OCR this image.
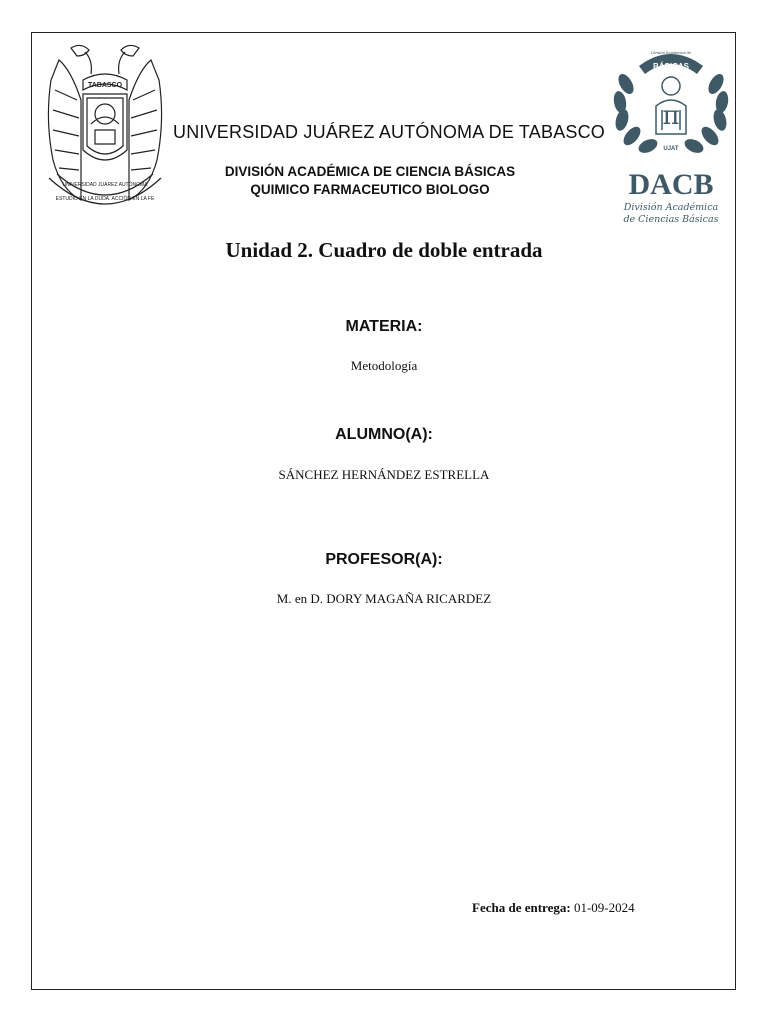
TABASCO
ESTUDIO EN LA DUDA. ACCIÓN EN LA FE
UNIVERSIDAD JUÁREZ AUTÓNOMA
π
BÁSICAS
División Académica de
UJAT
DACB
División Académica
de Ciencias Básicas
UNIVERSIDAD JUÁREZ AUTÓNOMA DE TABASCO
DIVISIÓN ACADÉMICA DE CIENCIA BÁSICAS
QUIMICO FARMACEUTICO BIOLOGO
Unidad 2. Cuadro de doble entrada
MATERIA:
Metodología
ALUMNO(A):
SÁNCHEZ HERNÁNDEZ ESTRELLA
PROFESOR(A):
M. en D. DORY MAGAÑA RICARDEZ
Fecha de entrega: 01-09-2024
